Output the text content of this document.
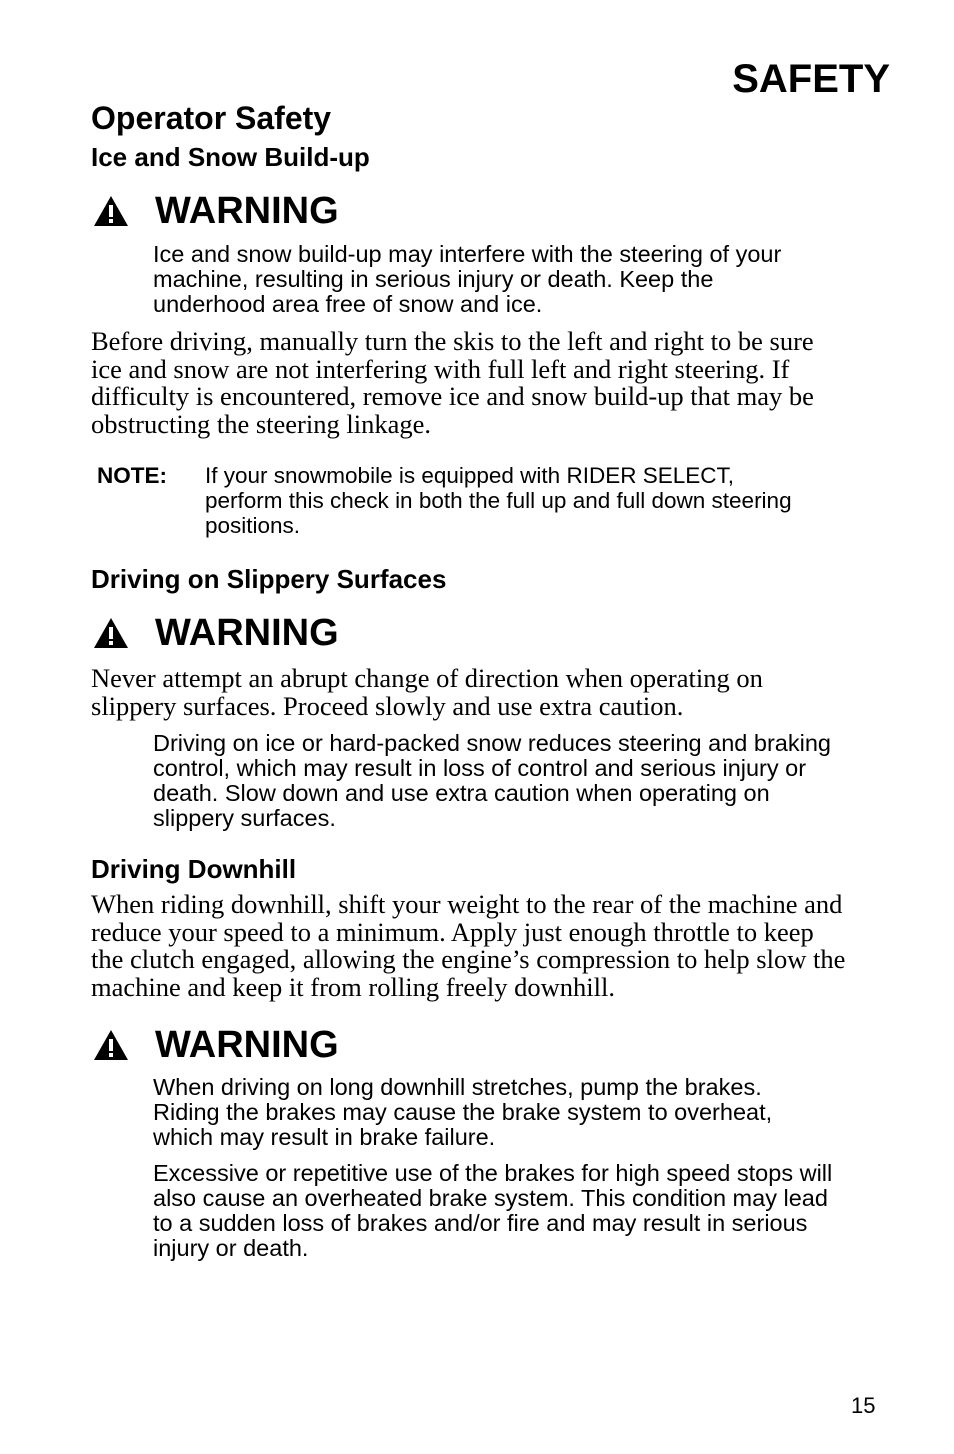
SAFETY
Operator Safety
Ice and Snow Build-up
WARNING
Ice and snow build-up may interfere with the steering of your
machine, resulting in serious injury or death. Keep the
underhood area free of snow and ice.
Before driving, manually turn the skis to the left and right to be sure
ice and snow are not interfering with full left and right steering. If
difficulty is encountered, remove ice and snow build-up that may be
obstructing the steering linkage.
NOTE: If your snowmobile is equipped with RIDER SELECT,
perform this check in both the full up and full down steering
positions.
Driving on Slippery Surfaces
WARNING
Never attempt an abrupt change of direction when operating on
slippery surfaces. Proceed slowly and use extra caution.
Driving on ice or hard-packed snow reduces steering and braking
control, which may result in loss of control and serious injury or
death. Slow down and use extra caution when operating on
slippery surfaces.
Driving Downhill
When riding downhill, shift your weight to the rear of the machine and
reduce your speed to a minimum. Apply just enough throttle to keep
the clutch engaged, allowing the engine’s compression to help slow the
machine and keep it from rolling freely downhill.
WARNING
When driving on long downhill stretches, pump the brakes.
Riding the brakes may cause the brake system to overheat,
which may result in brake failure.
Excessive or repetitive use of the brakes for high speed stops will
also cause an overheated brake system. This condition may lead
to a sudden loss of brakes and/or fire and may result in serious
injury or death.
15
